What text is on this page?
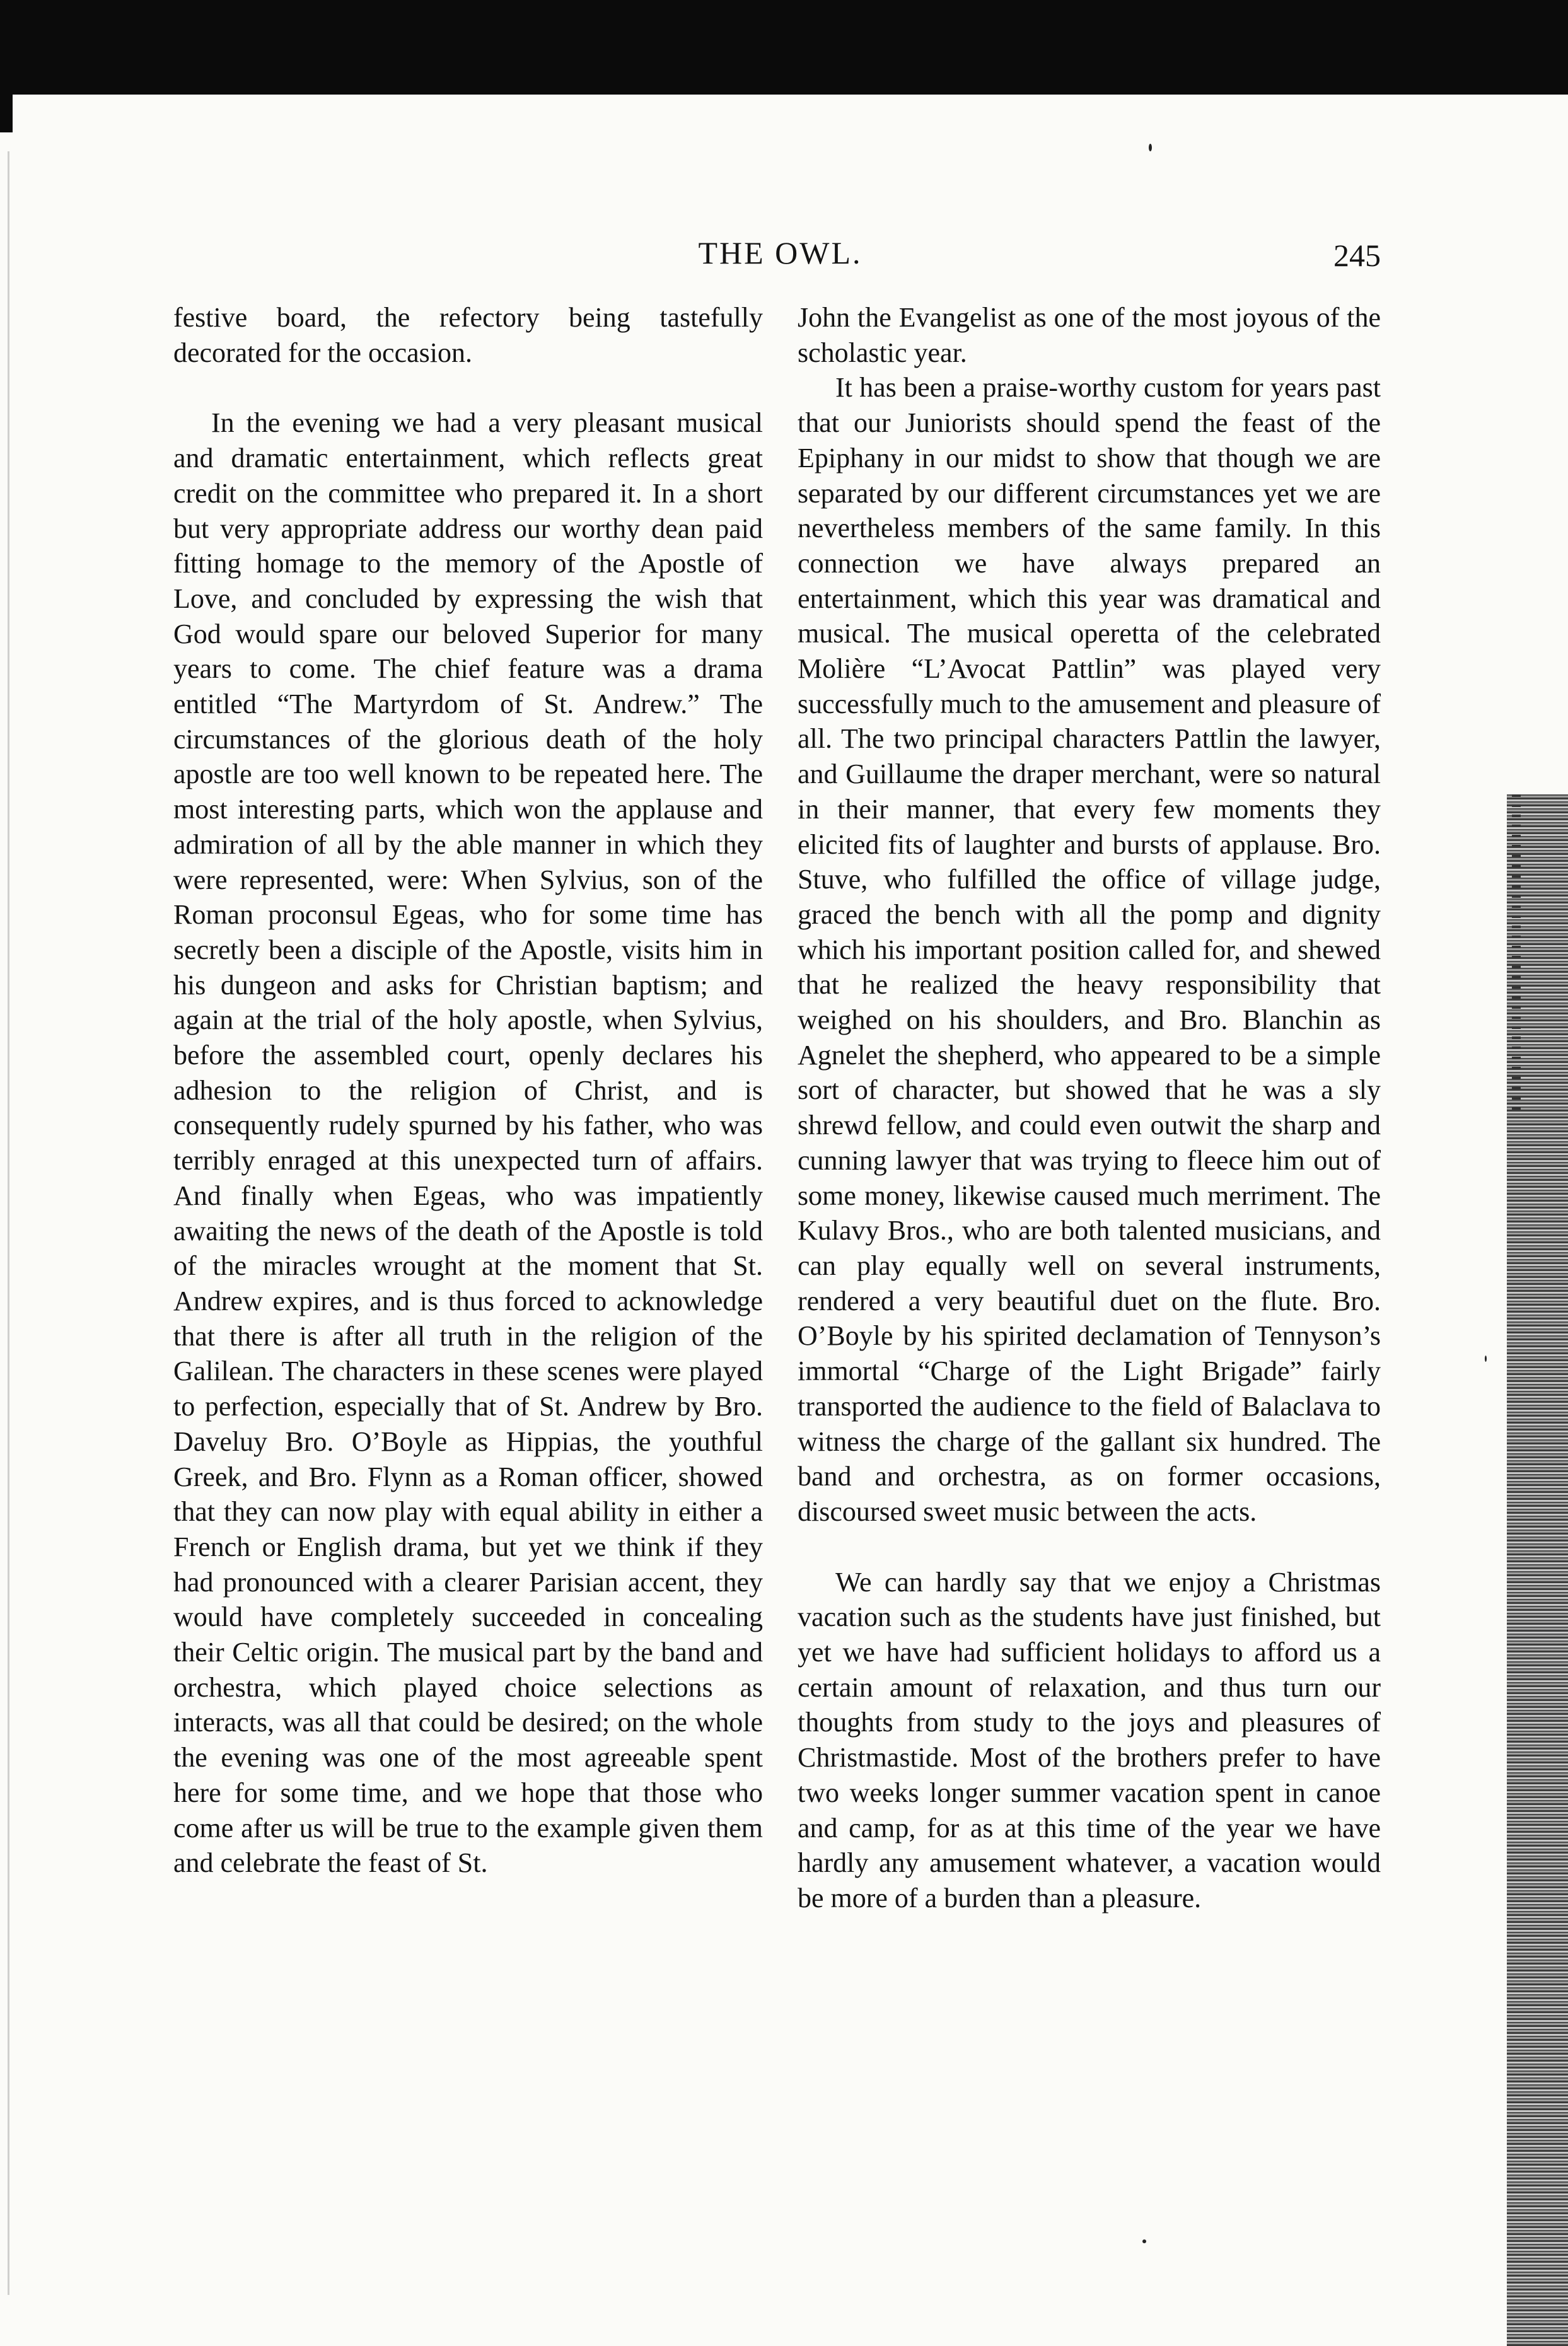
THE OWL.	245

festive board, the refectory being tastefully decorated for the occasion.

In the evening we had a very pleasant musical and dramatic entertainment, which reflects great credit on the committee who prepared it. In a short but very appropriate address our worthy dean paid fitting homage to the memory of the Apostle of Love, and concluded by expressing the wish that God would spare our beloved Superior for many years to come. The chief feature was a drama entitled “The Martyrdom of St. Andrew.” The circumstances of the glorious death of the holy apostle are too well known to be repeated here. The most interesting parts, which won the applause and admiration of all by the able manner in which they were represented, were: When Sylvius, son of the Roman proconsul Egeas, who for some time has secretly been a disciple of the Apostle, visits him in his dungeon and asks for Christian baptism; and again at the trial of the holy apostle, when Sylvius, before the assembled court, openly declares his adhesion to the religion of Christ, and is consequently rudely spurned by his father, who was terribly enraged at this unexpected turn of affairs. And finally when Egeas, who was impatiently awaiting the news of the death of the Apostle is told of the miracles wrought at the moment that St. Andrew expires, and is thus forced to acknowledge that there is after all truth in the religion of the Galilean. The characters in these scenes were played to perfection, especially that of St. Andrew by Bro. Daveluy Bro. O’Boyle as Hippias, the youthful Greek, and Bro. Flynn as a Roman officer, showed that they can now play with equal ability in either a French or English drama, but yet we think if they had pronounced with a clearer Parisian accent, they would have completely succeeded in concealing their Celtic origin. The musical part by the band and orchestra, which played choice selections as interacts, was all that could be desired; on the whole the evening was one of the most agreeable spent here for some time, and we hope that those who come after us will be true to the example given them and celebrate the feast of St.

John the Evangelist as one of the most joyous of the scholastic year.

It has been a praise-worthy custom for years past that our Juniorists should spend the feast of the Epiphany in our midst to show that though we are separated by our different circumstances yet we are nevertheless members of the same family. In this connection we have always prepared an entertainment, which this year was dramatical and musical. The musical operetta of the celebrated Molière “L’Avocat Pattlin” was played very successfully much to the amusement and pleasure of all. The two principal characters Pattlin the lawyer, and Guillaume the draper merchant, were so natural in their manner, that every few moments they elicited fits of laughter and bursts of applause. Bro. Stuve, who fulfilled the office of village judge, graced the bench with all the pomp and dignity which his important position called for, and shewed that he realized the heavy responsibility that weighed on his shoulders, and Bro. Blanchin as Agnelet the shepherd, who appeared to be a simple sort of character, but showed that he was a sly shrewd fellow, and could even outwit the sharp and cunning lawyer that was trying to fleece him out of some money, likewise caused much merriment. The Kulavy Bros., who are both talented musicians, and can play equally well on several instruments, rendered a very beautiful duet on the flute. Bro. O’Boyle by his spirited declamation of Tennyson’s immortal “Charge of the Light Brigade” fairly transported the audience to the field of Balaclava to witness the charge of the gallant six hundred. The band and orchestra, as on former occasions, discoursed sweet music between the acts.

We can hardly say that we enjoy a Christmas vacation such as the students have just finished, but yet we have had sufficient holidays to afford us a certain amount of relaxation, and thus turn our thoughts from study to the joys and pleasures of Christmastide. Most of the brothers prefer to have two weeks longer summer vacation spent in canoe and camp, for as at this time of the year we have hardly any amusement whatever, a vacation would be more of a burden than a pleasure.
